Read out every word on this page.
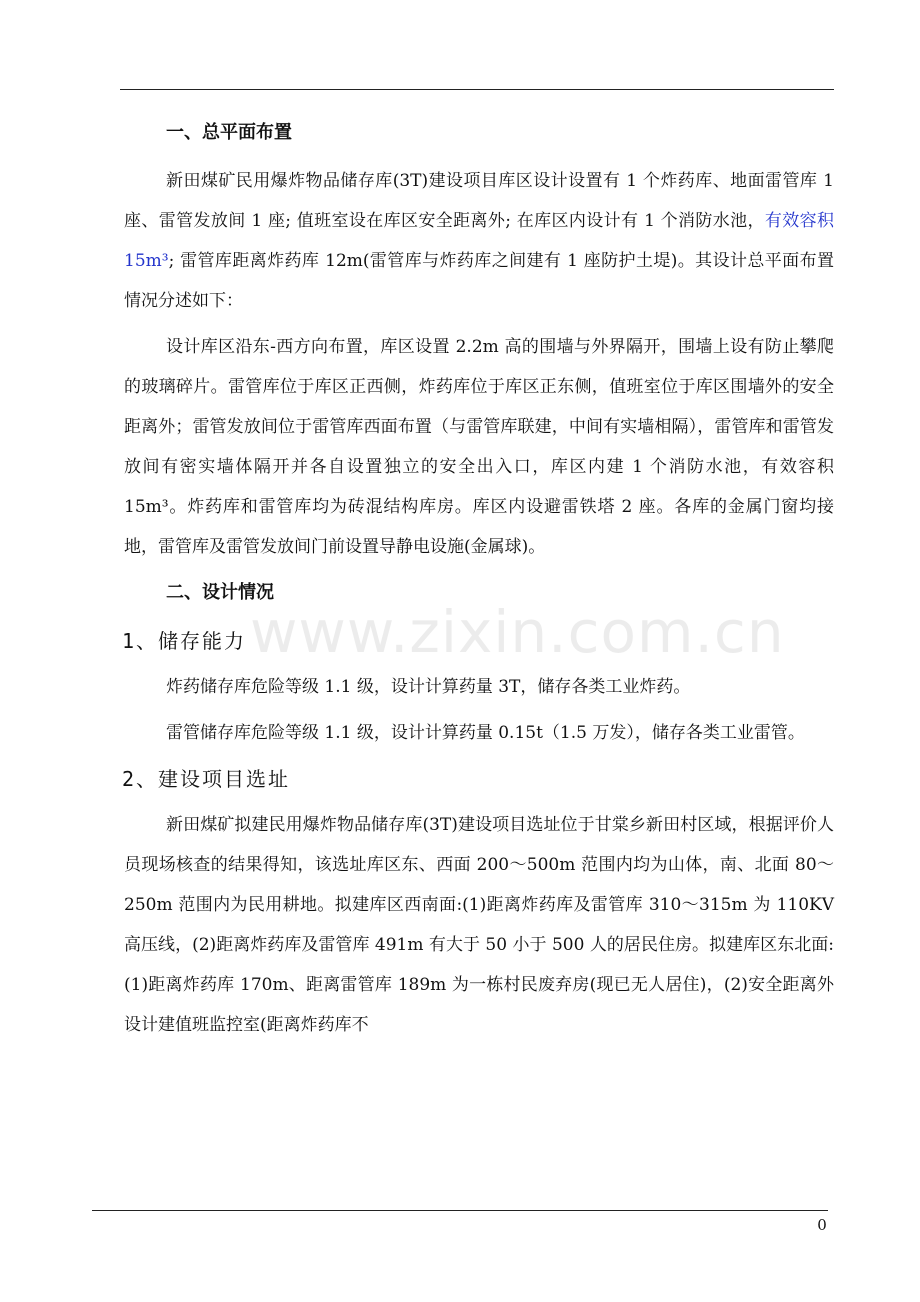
www.zixin.com.cn
一、总平面布置

新田煤矿民用爆炸物品储存库(3T)建设项目库区设计设置有 1 个炸药库、地面雷管库 1 座、雷管发放间 1 座; 值班室设在库区安全距离外; 在库区内设计有 1 个消防水池，有效容积 15m³; 雷管库距离炸药库 12m(雷管库与炸药库之间建有 1 座防护土堤)。其设计总平面布置情况分述如下：

设计库区沿东-西方向布置，库区设置 2.2m 高的围墙与外界隔开，围墙上设有防止攀爬的玻璃碎片。雷管库位于库区正西侧，炸药库位于库区正东侧，值班室位于库区围墙外的安全距离外；雷管发放间位于雷管库西面布置（与雷管库联建，中间有实墙相隔），雷管库和雷管发放间有密实墙体隔开并各自设置独立的安全出入口，库区内建 1 个消防水池，有效容积 15m³。炸药库和雷管库均为砖混结构库房。库区内设避雷铁塔 2 座。各库的金属门窗均接地，雷管库及雷管发放间门前设置导静电设施(金属球)。

二、设计情况
1、储存能力

炸药储存库危险等级 1.1 级，设计计算药量 3T，储存各类工业炸药。

雷管储存库危险等级 1.1 级，设计计算药量 0.15t（1.5 万发），储存各类工业雷管。

2、建设项目选址

新田煤矿拟建民用爆炸物品储存库(3T)建设项目选址位于甘棠乡新田村区域，根据评价人员现场核查的结果得知，该选址库区东、西面 200～500m 范围内均为山体，南、北面 80～250m 范围内为民用耕地。拟建库区西南面:(1)距离炸药库及雷管库 310～315m 为 110KV 高压线，(2)距离炸药库及雷管库 491m 有大于 50 小于 500 人的居民住房。拟建库区东北面:(1)距离炸药库 170m、距离雷管库 189m 为一栋村民废弃房(现已无人居住)，(2)安全距离外设计建值班监控室(距离炸药库不

0
